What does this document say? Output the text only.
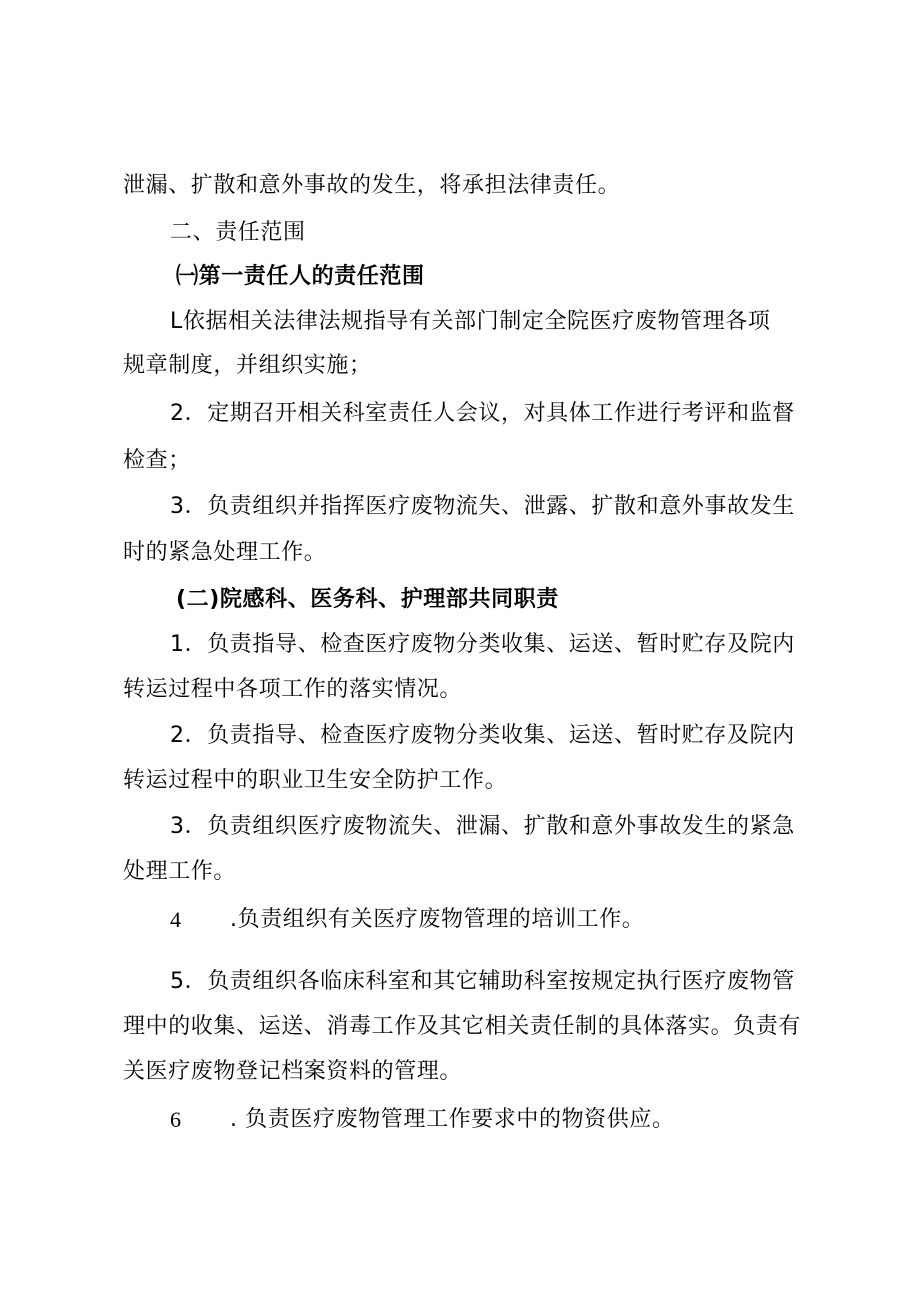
泄漏、扩散和意外事故的发生，将承担法律责任。
二、责任范围
㈠第一责任人的责任范围
L依据相关法律法规指导有关部门制定全院医疗废物管理各项
规章制度，并组织实施；
2．定期召开相关科室责任人会议，对具体工作进行考评和监督
检查；
3．负责组织并指挥医疗废物流失、泄露、扩散和意外事故发生
时的紧急处理工作。
(二)院感科、医务科、护理部共同职责
1．负责指导、检查医疗废物分类收集、运送、暂时贮存及院内
转运过程中各项工作的落实情况。
2．负责指导、检查医疗废物分类收集、运送、暂时贮存及院内
转运过程中的职业卫生安全防护工作。
3．负责组织医疗废物流失、泄漏、扩散和意外事故发生的紧急
处理工作。
4 .负责组织有关医疗废物管理的培训工作。
5．负责组织各临床科室和其它辅助科室按规定执行医疗废物管
理中的收集、运送、消毒工作及其它相关责任制的具体落实。负责有
关医疗废物登记档案资料的管理。
6 . 负责医疗废物管理工作要求中的物资供应。
